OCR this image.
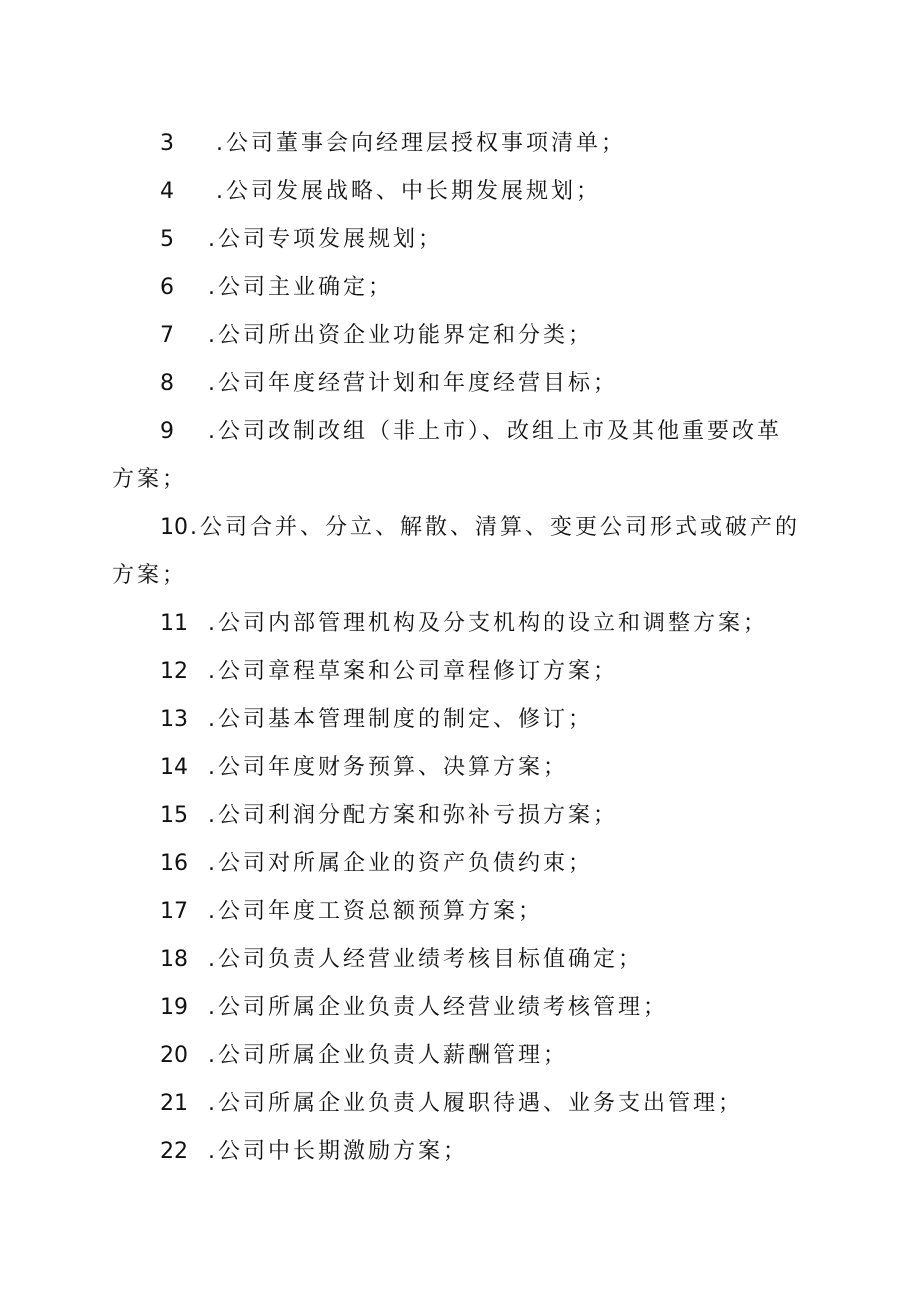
3 .公司董事会向经理层授权事项清单；
4 .公司发展战略、中长期发展规划；
5 .公司专项发展规划；
6 .公司主业确定；
7 .公司所出资企业功能界定和分类；
8 .公司年度经营计划和年度经营目标；
9 .公司改制改组（非上市）、改组上市及其他重要改革
方案；
10.公司合并、分立、解散、清算、变更公司形式或破产的
方案；
11 .公司内部管理机构及分支机构的设立和调整方案；
12 .公司章程草案和公司章程修订方案；
13 .公司基本管理制度的制定、修订；
14 .公司年度财务预算、决算方案；
15 .公司利润分配方案和弥补亏损方案；
16 .公司对所属企业的资产负债约束；
17 .公司年度工资总额预算方案；
18 .公司负责人经营业绩考核目标值确定；
19 .公司所属企业负责人经营业绩考核管理；
20 .公司所属企业负责人薪酬管理；
21 .公司所属企业负责人履职待遇、业务支出管理；
22 .公司中长期激励方案；
